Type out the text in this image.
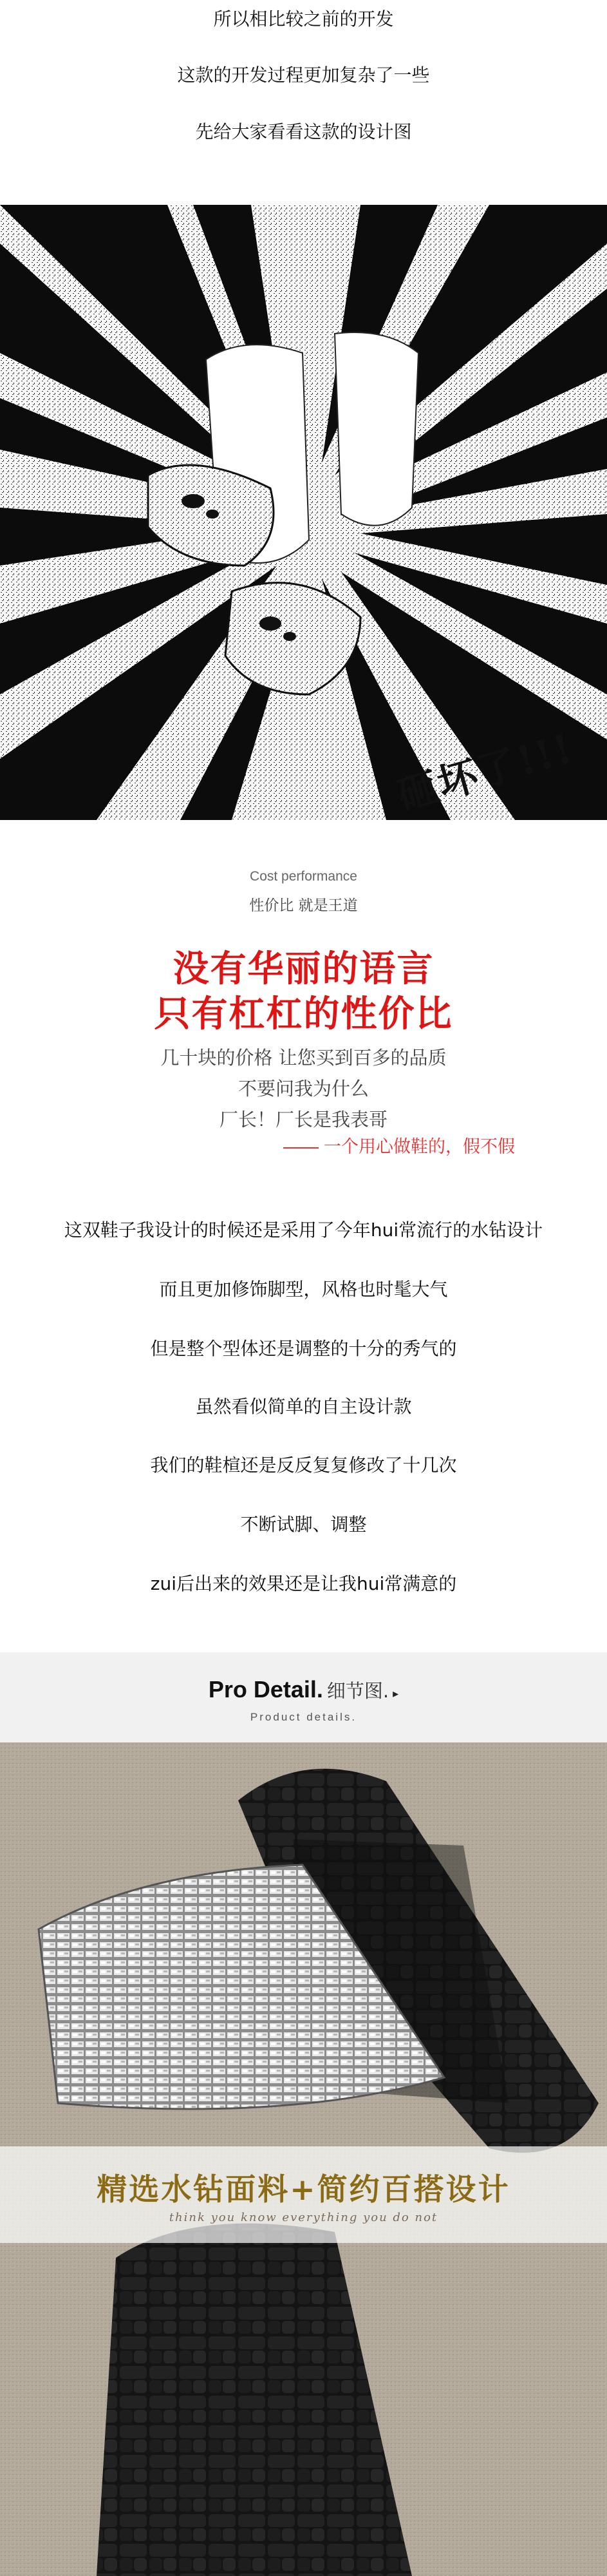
所以相比较之前的开发
这款的开发过程更加复杂了一些
先给大家看看这款的设计图
砸坏了!!!
Cost performance
性价比 就是王道
没有华丽的语言
只有杠杠的性价比
几十块的价格 让您买到百多的品质
不要问我为什么
厂长！厂长是我表哥
一个用心做鞋的，假不假
这双鞋子我设计的时候还是采用了今年hui常流行的水钻设计
而且更加修饰脚型，风格也时髦大气
但是整个型体还是调整的十分的秀气的
虽然看似简单的自主设计款
我们的鞋楦还是反反复复修改了十几次
不断试脚、调整
zui后出来的效果还是让我hui常满意的
Pro Detail. 细节图. ▸
Product details.
精选水钻面料+简约百搭设计
think you know everything you do not
